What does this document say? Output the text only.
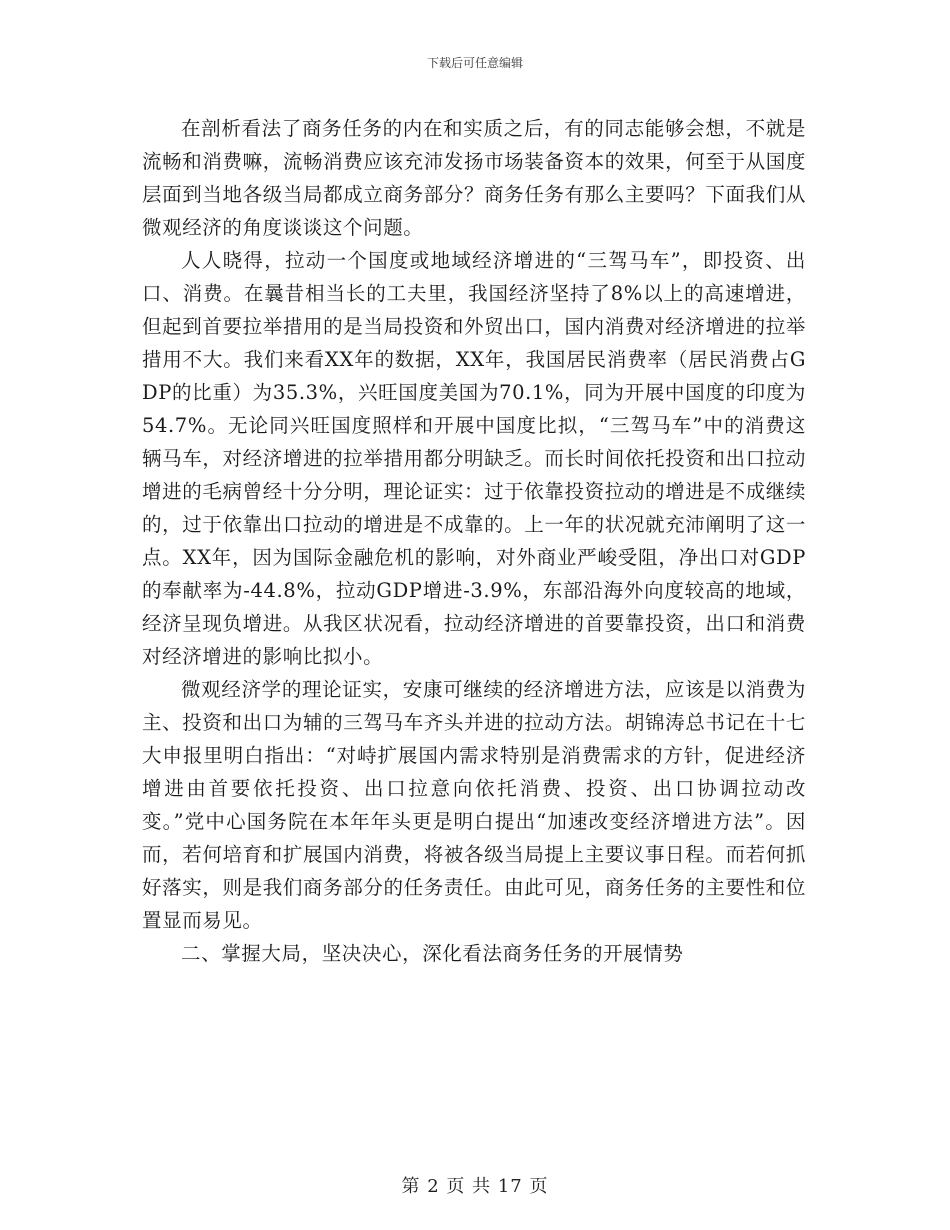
下载后可任意编辑

在剖析看法了商务任务的内在和实质之后，有的同志能够会想，不就是流畅和消费嘛，流畅消费应该充沛发扬市场装备资本的效果，何至于从国度层面到当地各级当局都成立商务部分？商务任务有那么主要吗？下面我们从微观经济的角度谈谈这个问题。

人人晓得，拉动一个国度或地域经济增进的“三驾马车”，即投资、出口、消费。在曩昔相当长的工夫里，我国经济坚持了8%以上的高速增进，但起到首要拉举措用的是当局投资和外贸出口，国内消费对经济增进的拉举措用不大。我们来看XX年的数据，XX年，我国居民消费率（居民消费占GDP的比重）为35.3%，兴旺国度美国为70.1%，同为开展中国度的印度为54.7%。无论同兴旺国度照样和开展中国度比拟，“三驾马车”中的消费这辆马车，对经济增进的拉举措用都分明缺乏。而长时间依托投资和出口拉动增进的毛病曾经十分分明，理论证实：过于依靠投资拉动的增进是不成继续的，过于依靠出口拉动的增进是不成靠的。上一年的状况就充沛阐明了这一点。XX年，因为国际金融危机的影响，对外商业严峻受阻，净出口对GDP的奉献率为-44.8%，拉动GDP增进-3.9%，东部沿海外向度较高的地域，经济呈现负增进。从我区状况看，拉动经济增进的首要靠投资，出口和消费对经济增进的影响比拟小。

微观经济学的理论证实，安康可继续的经济增进方法，应该是以消费为主、投资和出口为辅的三驾马车齐头并进的拉动方法。胡锦涛总书记在十七大申报里明白指出：“对峙扩展国内需求特别是消费需求的方针，促进经济增进由首要依托投资、出口拉意向依托消费、投资、出口协调拉动改变。”党中心国务院在本年年头更是明白提出“加速改变经济增进方法”。因而，若何培育和扩展国内消费，将被各级当局提上主要议事日程。而若何抓好落实，则是我们商务部分的任务责任。由此可见，商务任务的主要性和位置显而易见。

二、掌握大局，坚决决心，深化看法商务任务的开展情势

第 2 页 共 17 页
